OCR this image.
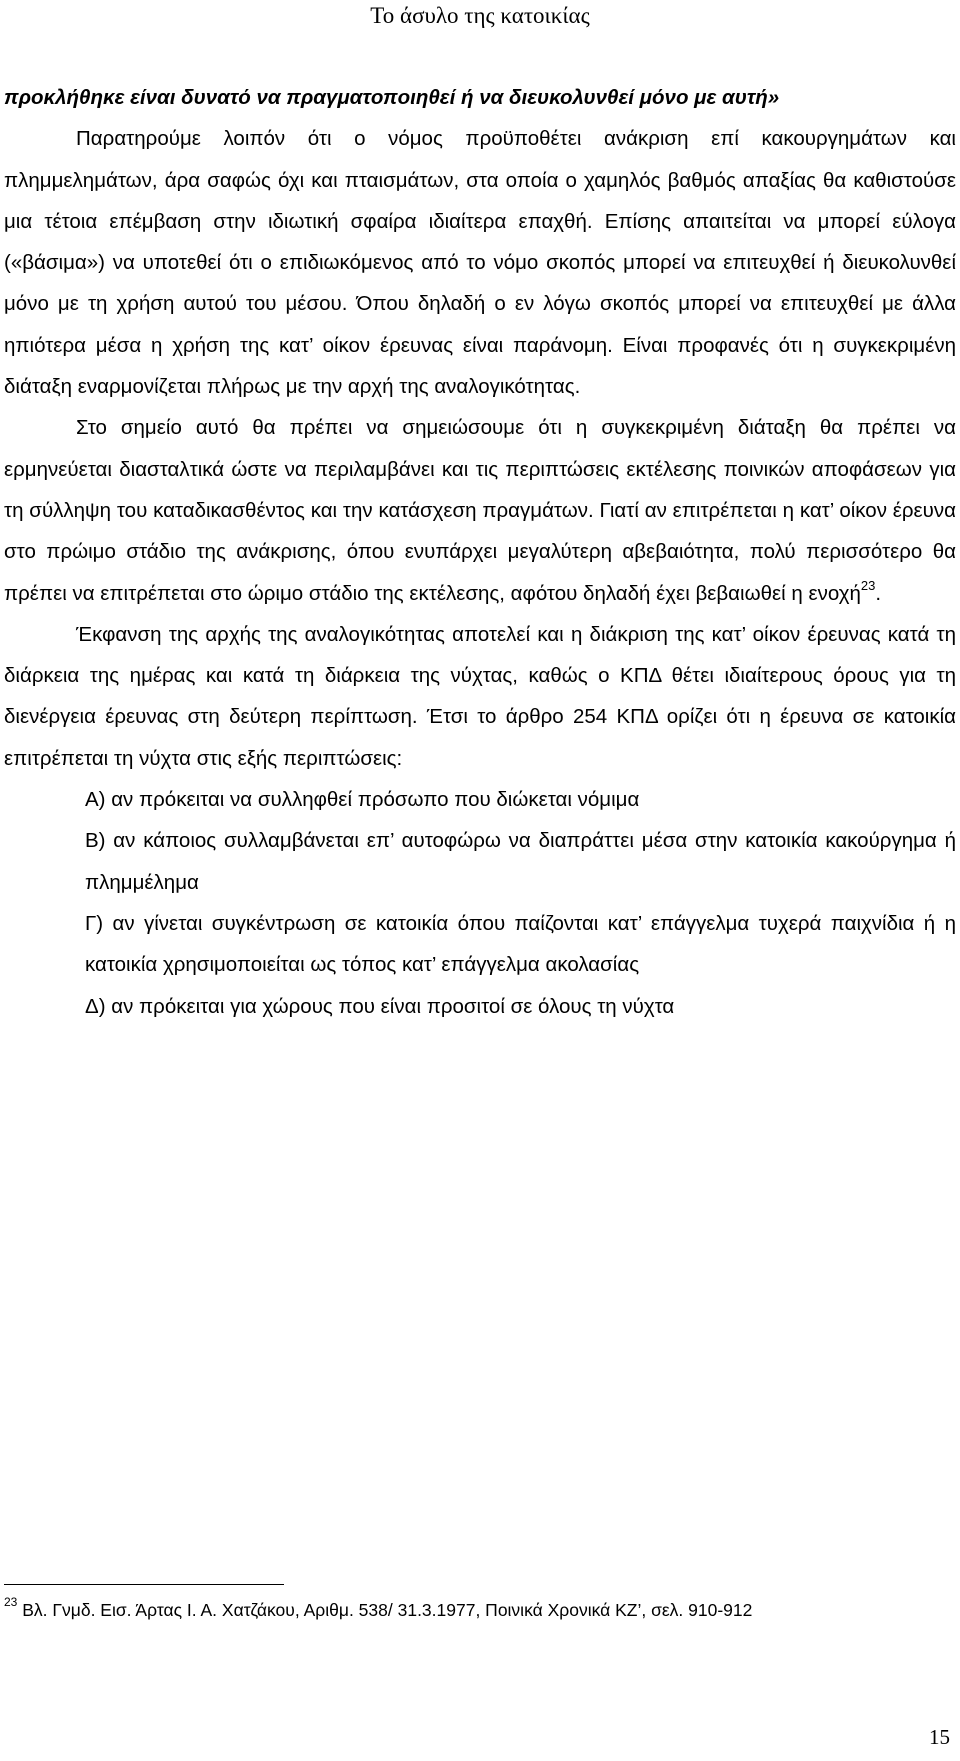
Το άσυλο της κατοικίας

προκλήθηκε είναι δυνατό να πραγματοποιηθεί ή να διευκολυνθεί μόνο με αυτή»

Παρατηρούμε λοιπόν ότι ο νόμος προϋποθέτει ανάκριση επί κακουργημάτων και πλημμελημάτων, άρα σαφώς όχι και πταισμάτων, στα οποία ο χαμηλός βαθμός απαξίας θα καθιστούσε μια τέτοια επέμβαση στην ιδιωτική σφαίρα ιδιαίτερα επαχθή. Επίσης απαιτείται να μπορεί εύλογα («βάσιμα») να υποτεθεί ότι ο επιδιωκόμενος από το νόμο σκοπός μπορεί να επιτευχθεί ή διευκολυνθεί μόνο με τη χρήση αυτού του μέσου. Όπου δηλαδή ο εν λόγω σκοπός μπορεί να επιτευχθεί με άλλα ηπιότερα μέσα η χρήση της κατ’ οίκον έρευνας είναι παράνομη. Είναι προφανές ότι η συγκεκριμένη διάταξη εναρμονίζεται πλήρως με την αρχή της αναλογικότητας.

Στο σημείο αυτό θα πρέπει να σημειώσουμε ότι η συγκεκριμένη διάταξη θα πρέπει να ερμηνεύεται διασταλτικά ώστε να περιλαμβάνει και τις περιπτώσεις εκτέλεσης ποινικών αποφάσεων για τη σύλληψη του καταδικασθέντος και την κατάσχεση πραγμάτων. Γιατί αν επιτρέπεται η κατ’ οίκον έρευνα στο πρώιμο στάδιο της ανάκρισης, όπου ενυπάρχει μεγαλύτερη αβεβαιότητα, πολύ περισσότερο θα πρέπει να επιτρέπεται στο ώριμο στάδιο της εκτέλεσης, αφότου δηλαδή έχει βεβαιωθεί η ενοχή$^{23}$.

Έκφανση της αρχής της αναλογικότητας αποτελεί και η διάκριση της κατ’ οίκον έρευνας κατά τη διάρκεια της ημέρας και κατά τη διάρκεια της νύχτας, καθώς ο ΚΠΔ θέτει ιδιαίτερους όρους για τη διενέργεια έρευνας στη δεύτερη περίπτωση. Έτσι το άρθρο 254 ΚΠΔ ορίζει ότι η έρευνα σε κατοικία επιτρέπεται τη νύχτα στις εξής περιπτώσεις:

Α) αν πρόκειται να συλληφθεί πρόσωπο που διώκεται νόμιμα

Β) αν κάποιος συλλαμβάνεται επ’ αυτοφώρω να διαπράττει μέσα στην κατοικία κακούργημα ή πλημμέλημα

Γ) αν γίνεται συγκέντρωση σε κατοικία όπου παίζονται κατ’ επάγγελμα τυχερά παιχνίδια ή η κατοικία χρησιμοποιείται ως τόπος κατ’ επάγγελμα ακολασίας

Δ) αν πρόκειται για χώρους που είναι προσιτοί σε όλους τη νύχτα

$^{23}$ Βλ. Γνμδ. Εισ. Άρτας Ι. Α. Χατζάκου, Αριθμ. 538/ 31.3.1977, Ποινικά Χρονικά ΚΖ’, σελ. 910-912

15
